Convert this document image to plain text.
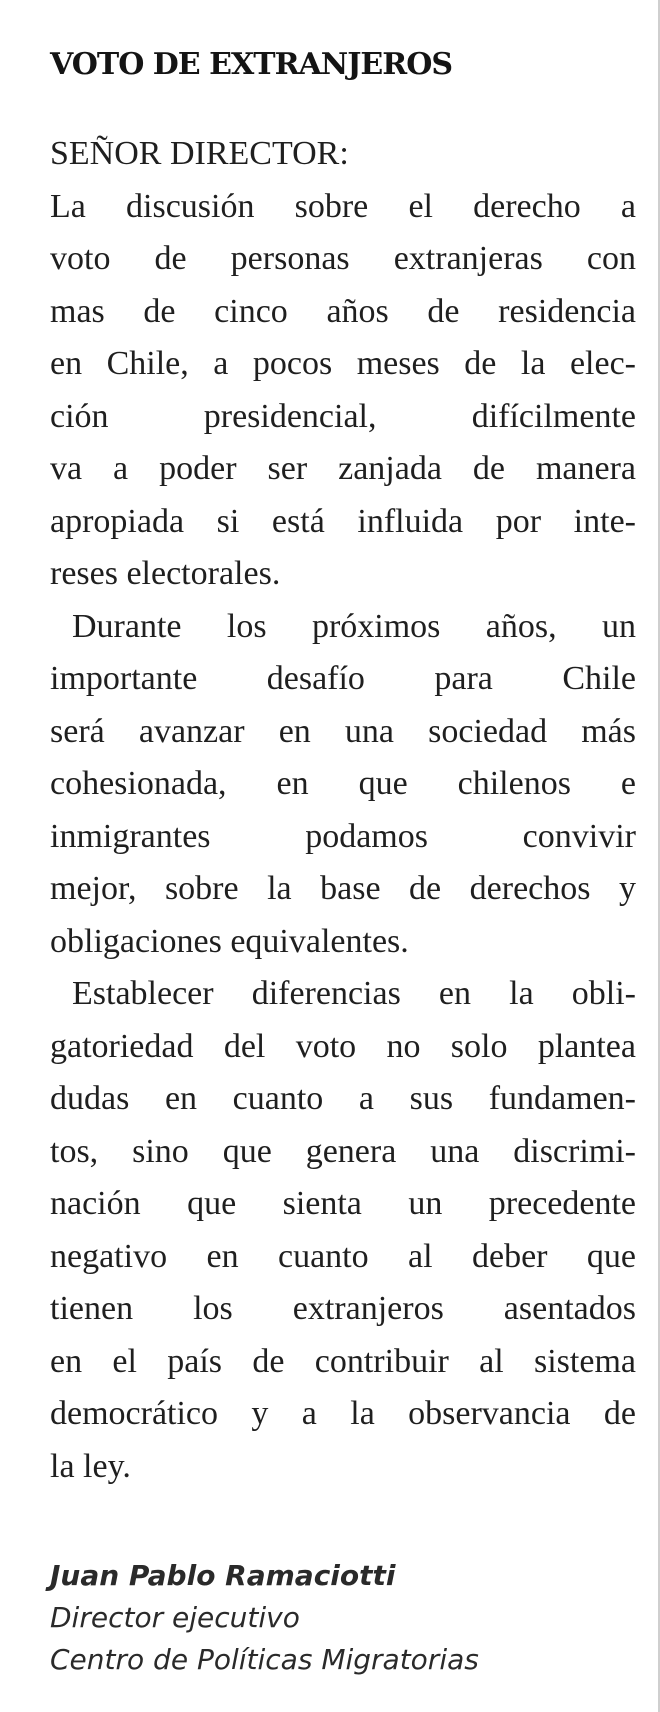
VOTO DE EXTRANJEROS
SEÑOR DIRECTOR:
La discusión sobre el derecho a
voto de personas extranjeras con
mas de cinco años de residencia
en Chile, a pocos meses de la elec-
ción presidencial, difícilmente
va a poder ser zanjada de manera
apropiada si está influida por inte-
reses electorales.
Durante los próximos años, un
importante desafío para Chile
será avanzar en una sociedad más
cohesionada, en que chilenos e
inmigrantes podamos convivir
mejor, sobre la base de derechos y
obligaciones equivalentes.
Establecer diferencias en la obli-
gatoriedad del voto no solo plantea
dudas en cuanto a sus fundamen-
tos, sino que genera una discrimi-
nación que sienta un precedente
negativo en cuanto al deber que
tienen los extranjeros asentados
en el país de contribuir al sistema
democrático y a la observancia de
la ley.
Juan Pablo Ramaciotti
Director ejecutivo
Centro de Políticas Migratorias
